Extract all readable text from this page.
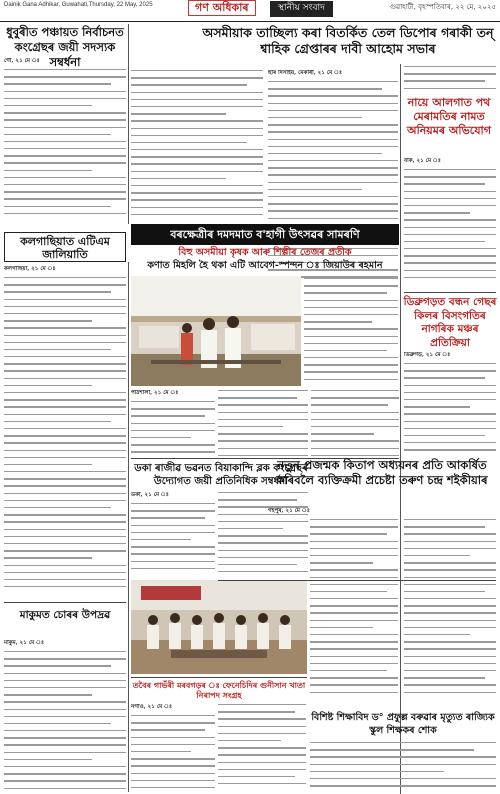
Dainik Gana Adhikar, Guwahati,Thursday, 22 May, 2025	গণ অধিকাৰ	স্থানীয় সংবাদ	গুৱাহাটী, বৃহস্পতিবাৰ, ২২ মে, ২০২৫
ধুবুৰীত পঞ্চায়ত নিৰ্বাচনত কংগ্ৰেছৰ জয়ী সদস্যক সম্বৰ্ধনা
গৌ, ২১ মে ঃ
অসমীয়াক তাচ্ছিল্য কৰা বিতৰ্কিত তেল ডিপোৰ গৰাকী তন্ শ্বাহিক গ্ৰেপ্তাৰৰ দাবী আহোম সভাৰ
ছাৰ দিসাইয়, মেকাৰী, ২১ মে ঃ
নায়ে আলগাত পথ মেৰামতিৰ নামত অনিয়মৰ অভিযোগ
বাক, ২১ মে ঃ
কলগাছিয়াত এটিএম জালিয়াতি
কলগাছিয়া, ২১ মে ঃ
বৰক্ষেত্ৰীৰ দমদমাত ব'হাগী উৎসৱৰ সামৰণি
বিহু অসমীয়া কৃষক আৰু শিল্পীৰ তেজৰ প্ৰতীক
কণাত মিহলি হৈ থকা এটি আবেগ-স্পন্দন ঃ জিয়াউৰ ৰহমান
পাঠশালা, ২১ মে ঃ
ডিব্ৰুগড়ত বন্ধন গেছৰ কিলৰ বিসংগতিৰ নাগৰিক মঞ্চৰ প্ৰতিক্ৰিয়া
ডিব্ৰুগড়, ২১ মে ঃ
মাকুমত চোৰৰ উপদ্ৰৱ
মাকুম, ২১ মে ঃ
ডকা ৰাজীৱ ভৱনত বিয়াকান্দি ব্লক কংগ্ৰেছৰ উদ্যোগত জয়ী প্ৰতিনিধিক সম্বৰ্ধনা
ডকা, ২১ মে ঃ
নতুন প্ৰজন্মক কিতাপ অধ্যয়নৰ প্ৰতি আকৰ্ষিত কৰিবলৈ ব্যক্তিক্ৰমী প্ৰচেষ্টা তৰুণ চন্দ্ৰ শইকীয়াৰ
গহপুৰ, ২১ মে ঃ
বিশিষ্ট শিক্ষাবিদ ড° প্ৰফুল্ল বৰুৱাৰ মৃত্যুত ৰাজ্যিক স্কুল শিক্ষকৰ শোক
তবৈৰ গাভঁৰী মৰবগড়ৰ ঃ ফেনেচিদিৰ গুনীসান খাতা নিৰাপদ সংগ্ৰহ
নগাঁও, ২১ মে ঃ
